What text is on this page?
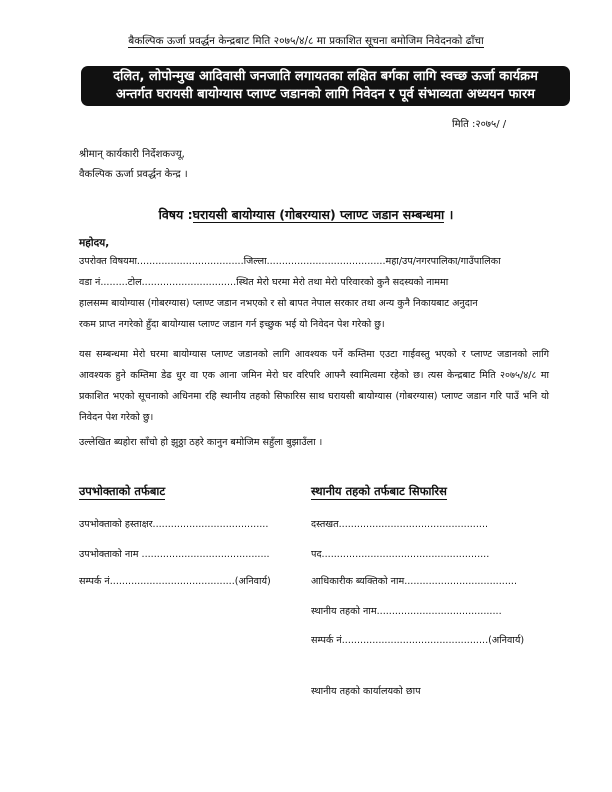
बैकल्पिक ऊर्जा प्रवर्द्धन केन्द्रबाट मिति २०७५/४/८ मा प्रकाशित सूचना बमोजिम निवेदनको ढाँचा
दलित, लोपोन्मुख आदिवासी जनजाति लगायतका लक्षित बर्गका लागि स्वच्छ ऊर्जा कार्यक्रम
अन्तर्गत घरायसी बायोग्यास प्लाण्ट जडानको लागि निवेदन र पूर्व संभाव्यता अध्ययन फारम
मिति :२०७५/ /
श्रीमान् कार्यकारी निर्देशकज्यू,
वैकल्पिक ऊर्जा प्रवर्द्धन केन्द्र ।
विषय :घरायसी बायोग्यास (गोबरग्यास) प्लाण्ट जडान सम्बन्धमा ।
महोदय,
उपरोक्त विषयमा...................................जिल्ला.......................................महा/उप/नगरपालिका/गाउँपालिका
वडा नं.........टोल...............................स्थित मेरो घरमा मेरो तथा मेरो परिवारको कुनै सदस्यको नाममा
हालसम्म बायोग्यास (गोबरग्यास) प्लाण्ट जडान नभएको र सो बापत नेपाल सरकार तथा अन्य कुनै निकायबाट अनुदान
रकम प्राप्त नगरेको हुँदा बायोग्यास प्लाण्ट जडान गर्न इच्छुक भई यो निवेदन पेश गरेको छु।
यस सम्बन्धमा मेरो घरमा बायोग्यास प्लाण्ट जडानको लागि आवश्यक पर्ने कम्तिमा एउटा गाईवस्तु भएको र प्लाण्ट जडानको लागि आवश्यक हुने कम्तिमा डेढ धुर वा एक आना जमिन मेरो घर वरिपरि आफ्नै स्वामित्वमा रहेको छ। त्यस केन्द्रबाट मिति २०७५/४/८ मा प्रकाशित भएको सूचनाको अधिनमा रहि स्थानीय तहको सिफारिस साथ घरायसी बायोग्यास (गोबरग्यास) प्लाण्ट जडान गरि पाउँ भनि यो निवेदन पेश गरेको छु।
उल्लेखित ब्यहोरा साँचो हो झुठ्ठा ठहरे कानुन बमोजिम सहुँला बुझाउँला ।
उपभोक्ताको तर्फबाट
उपभोक्ताको हस्ताक्षर......................................
उपभोक्ताको नाम ..........................................
सम्पर्क नं.........................................(अनिवार्य)
स्थानीय तहको तर्फबाट सिफारिस
दस्तखत.................................................
पद.......................................................
आधिकारीक ब्यक्तिको नाम.....................................
स्थानीय तहको नाम.........................................
सम्पर्क नं................................................(अनिवार्य)
स्थानीय तहको कार्यालयको छाप
